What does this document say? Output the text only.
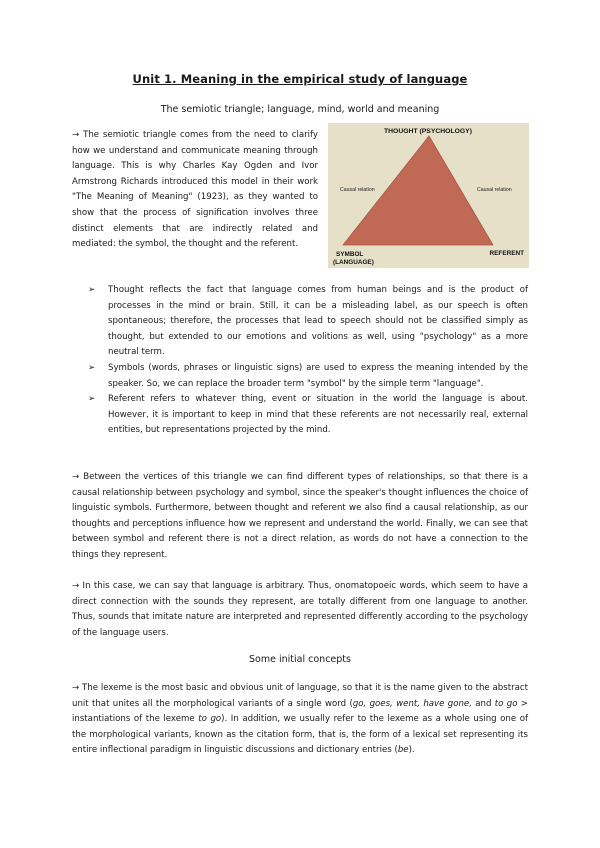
Unit 1. Meaning in the empirical study of language
The semiotic triangle; language, mind, world and meaning

→ The semiotic triangle comes from the need to clarify how we understand and communicate meaning through language. This is why Charles Kay Ogden and Ivor Armstrong Richards introduced this model in their work "The Meaning of Meaning" (1923), as they wanted to show that the process of signification involves three distinct elements that are indirectly related and mediated: the symbol, the thought and the referent.

THOUGHT (PSYCHOLOGY)
Causal relation	Causal relation
SYMBOL
(LANGUAGE)
REFERENT
➢ Thought reflects the fact that language comes from human beings and is the product of processes in the mind or brain. Still, it can be a misleading label, as our speech is often spontaneous; therefore, the processes that lead to speech should not be classified simply as thought, but extended to our emotions and volitions as well, using "psychology" as a more neutral term.
➢ Symbols (words, phrases or linguistic signs) are used to express the meaning intended by the speaker. So, we can replace the broader term "symbol" by the simple term "language".
➢ Referent refers to whatever thing, event or situation in the world the language is about. However, it is important to keep in mind that these referents are not necessarily real, external entities, but representations projected by the mind.

→ Between the vertices of this triangle we can find different types of relationships, so that there is a causal relationship between psychology and symbol, since the speaker's thought influences the choice of linguistic symbols. Furthermore, between thought and referent we also find a causal relationship, as our thoughts and perceptions influence how we represent and understand the world. Finally, we can see that between symbol and referent there is not a direct relation, as words do not have a connection to the things they represent.

→ In this case, we can say that language is arbitrary. Thus, onomatopoeic words, which seem to have a direct connection with the sounds they represent, are totally different from one language to another. Thus, sounds that imitate nature are interpreted and represented differently according to the psychology of the language users.

Some initial concepts

→ The lexeme is the most basic and obvious unit of language, so that it is the name given to the abstract unit that unites all the morphological variants of a single word (go, goes, went, have gone, and to go > instantiations of the lexeme to go). In addition, we usually refer to the lexeme as a whole using one of the morphological variants, known as the citation form, that is, the form of a lexical set representing its entire inflectional paradigm in linguistic discussions and dictionary entries (be).
